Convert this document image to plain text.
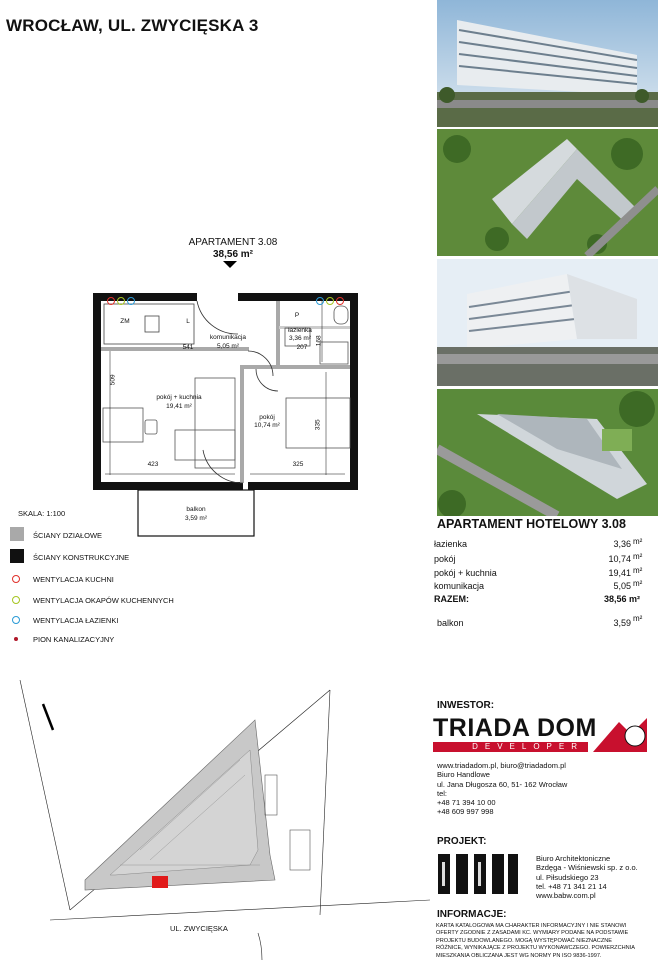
WROCŁAW, UL. ZWYCIĘSKA 3
APARTAMENT 3.08
38,56 m²
ZM	L
P
komunikacja
5,05 m²
łazienka
3,36 m²
pokój + kuchnia
19,41 m²
pokój
10,74 m²
balkon
3,59 m²
541	207
168
509
335
423	325
SKALA: 1:100
ŚCIANY DZIAŁOWE
ŚCIANY KONSTRUKCYJNE
WENTYLACJA KUCHNI
WENTYLACJA OKAPÓW KUCHENNYCH
WENTYLACJA ŁAZIENKI
PION KANALIZACYJNY
APARTAMENT HOTELOWY 3.08
łazienka	3,36 m²
pokój	10,74 m²
pokój + kuchnia	19,41 m²
komunikacja	5,05 m²
RAZEM:	38,56 m²
balkon	3,59 m²
UL. ZWYCIĘSKA
INWESTOR:
TRIADA DOM
DEVELOPER
www.triadadom.pl, biuro@triadadom.pl
Biuro Handlowe
ul. Jana Długosza 60, 51- 162 Wrocław
tel:
+48 71 394 10 00
+48 609 997 998
PROJEKT:
Biuro Architektoniczne
Bzdęga - Wiśniewski sp. z o.o.
ul. Piłsudskiego 23
tel. +48 71 341 21 14
www.babw.com.pl
INFORMACJE:
KARTA KATALOGOWA MA CHARAKTER INFORMACYJNY I NIE STANOWI
OFERTY ZGODNIE Z ZASADAMI KC. WYMIARY PODANE NA PODSTAWIE
PROJEKTU BUDOWLANEGO. MOGĄ WYSTĘPOWAĆ NIEZNACZNE
RÓŻNICE, WYNIKAJĄCE Z PROJEKTU WYKONAWCZEGO. POWIERZCHNIA
MIESZKANIA OBLICZANA JEST WG NORMY PN ISO 9836-1997.
